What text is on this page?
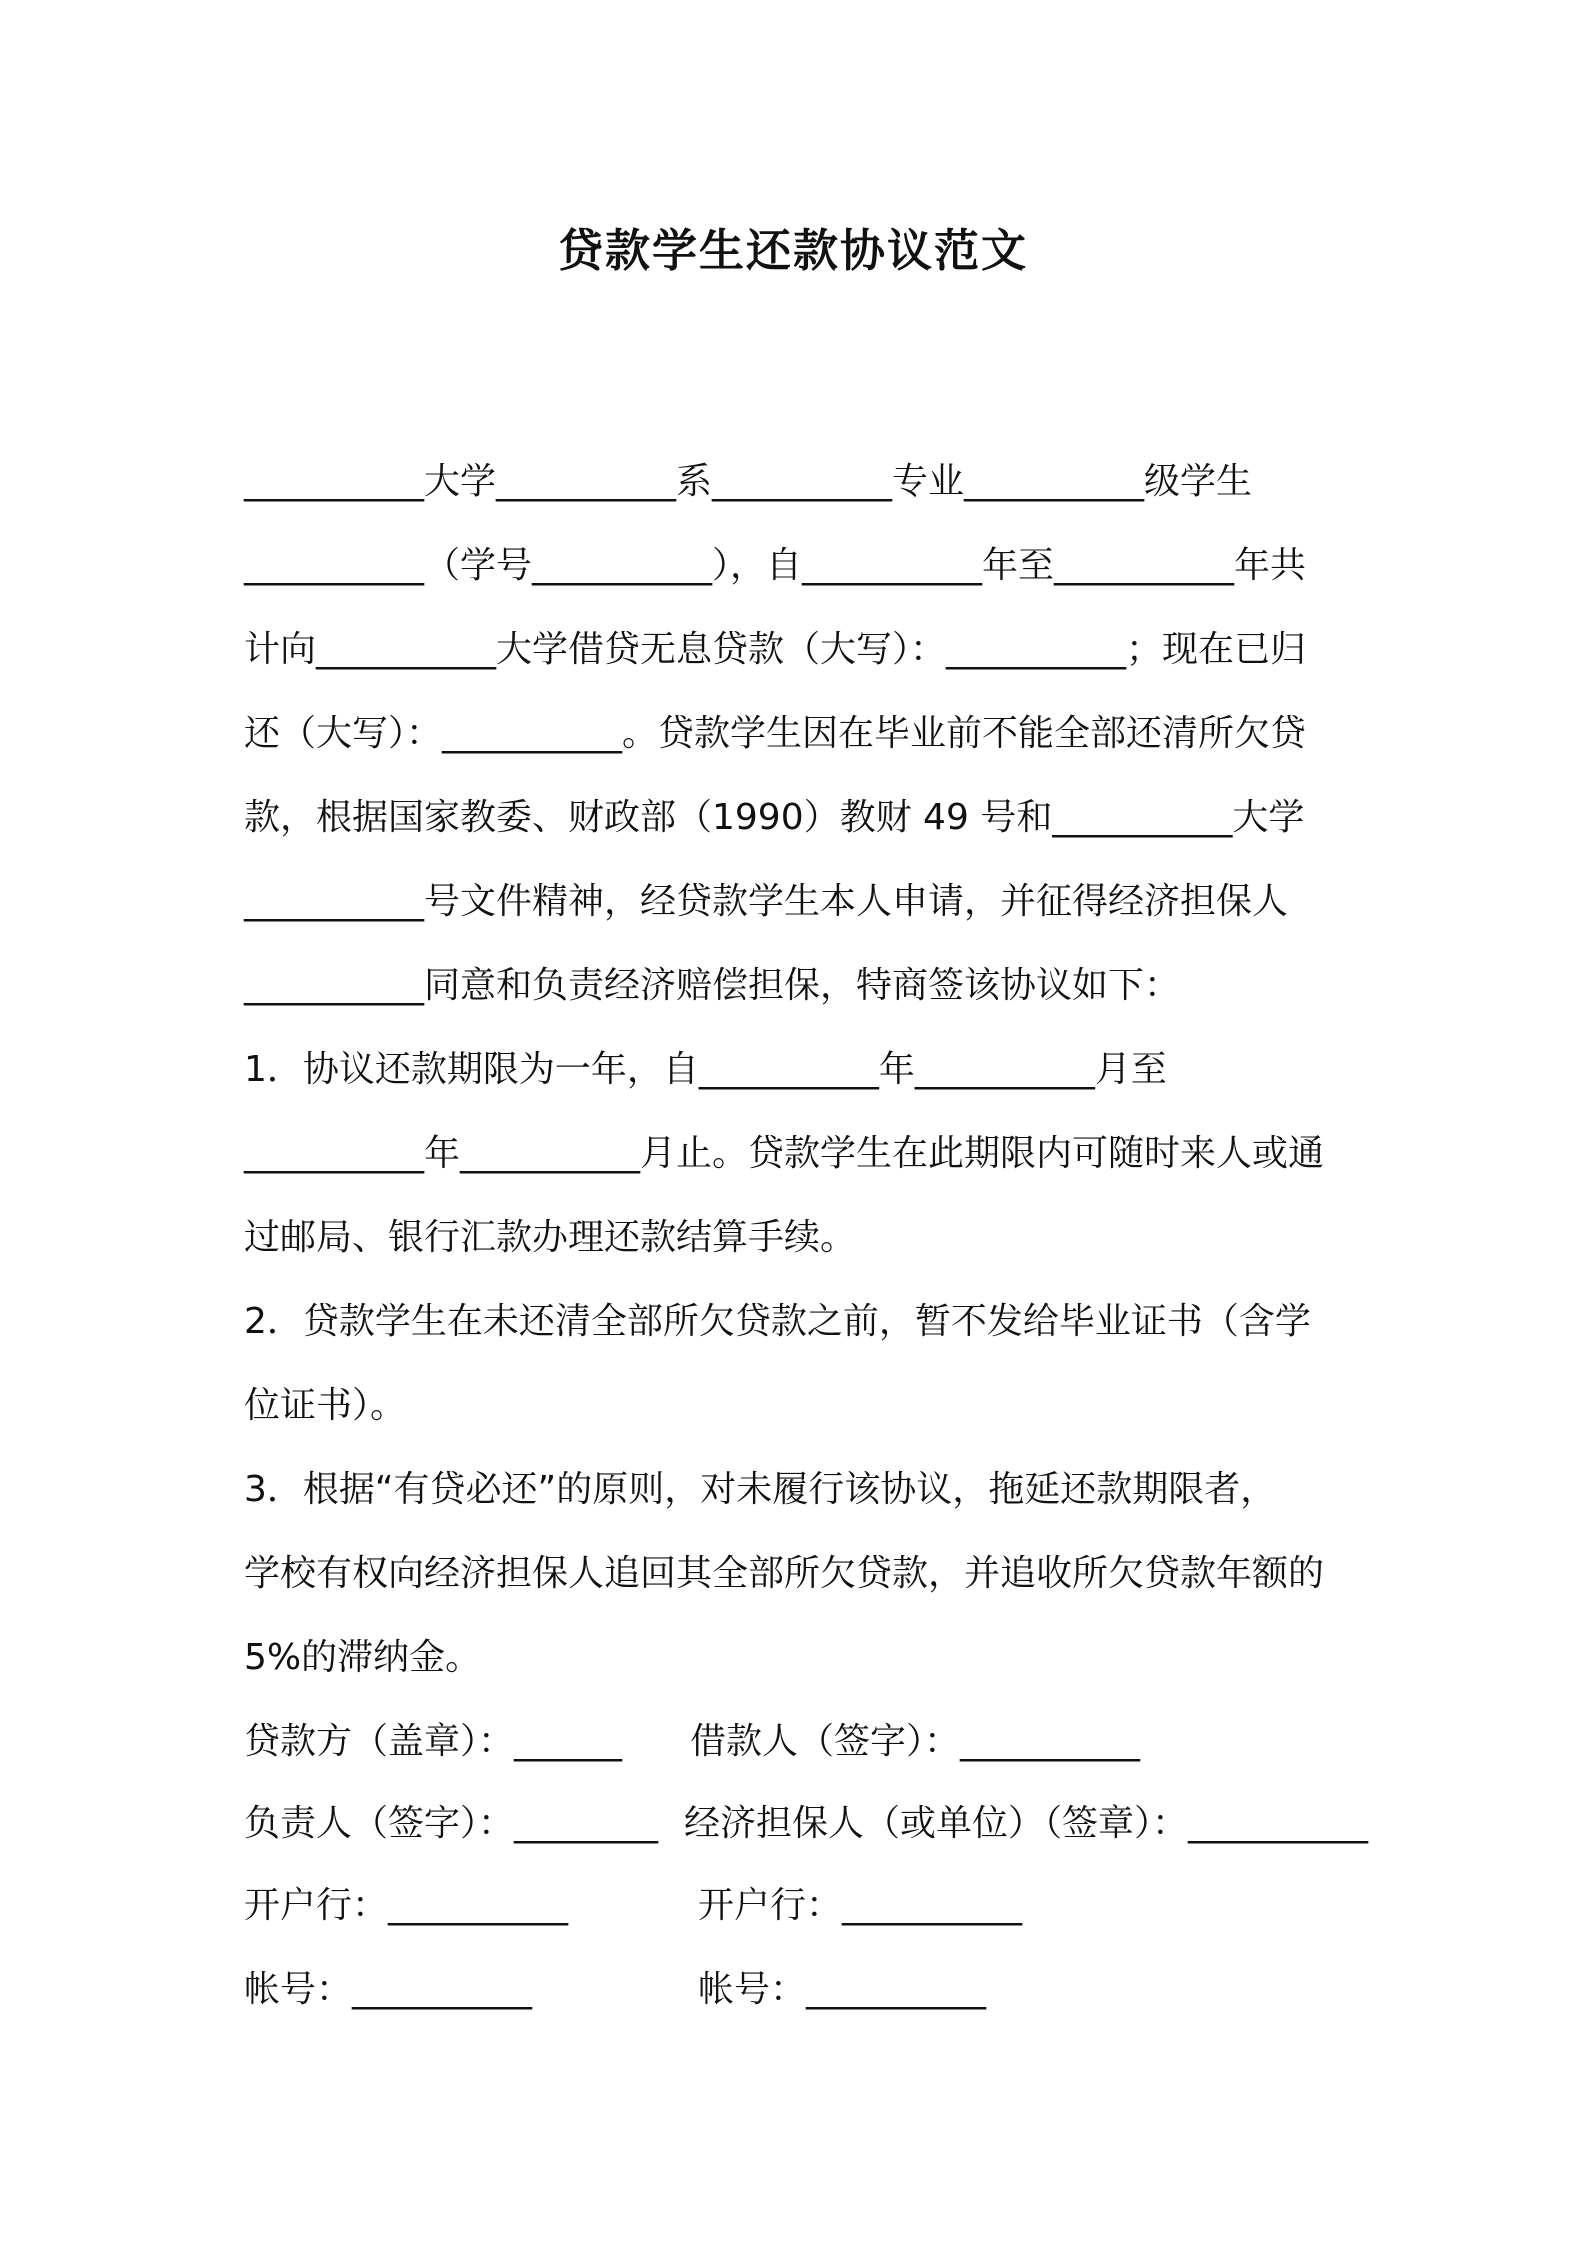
贷款学生还款协议范文
__________大学__________系__________专业__________级学生
__________（学号__________），自__________年至__________年共
计向__________大学借贷无息贷款（大写）：__________；现在已归
还（大写）：__________。贷款学生因在毕业前不能全部还清所欠贷
款，根据国家教委、财政部（1990）教财 49 号和__________大学
__________号文件精神，经贷款学生本人申请，并征得经济担保人
__________同意和负责经济赔偿担保，特商签该协议如下：
1．协议还款期限为一年，自__________年__________月至
__________年__________月止。贷款学生在此期限内可随时来人或通
过邮局、银行汇款办理还款结算手续。
2．贷款学生在未还清全部所欠贷款之前，暂不发给毕业证书（含学
位证书）。
3．根据“有贷必还”的原则，对未履行该协议，拖延还款期限者，
学校有权向经济担保人追回其全部所欠贷款，并追收所欠贷款年额的
5%的滞纳金。
贷款方（盖章）：______ 借款人（签字）：__________
负责人（签字）：________ 经济担保人（或单位）（签章）：__________
开户行：__________	开户行：__________
帐号：__________	帐号：__________
